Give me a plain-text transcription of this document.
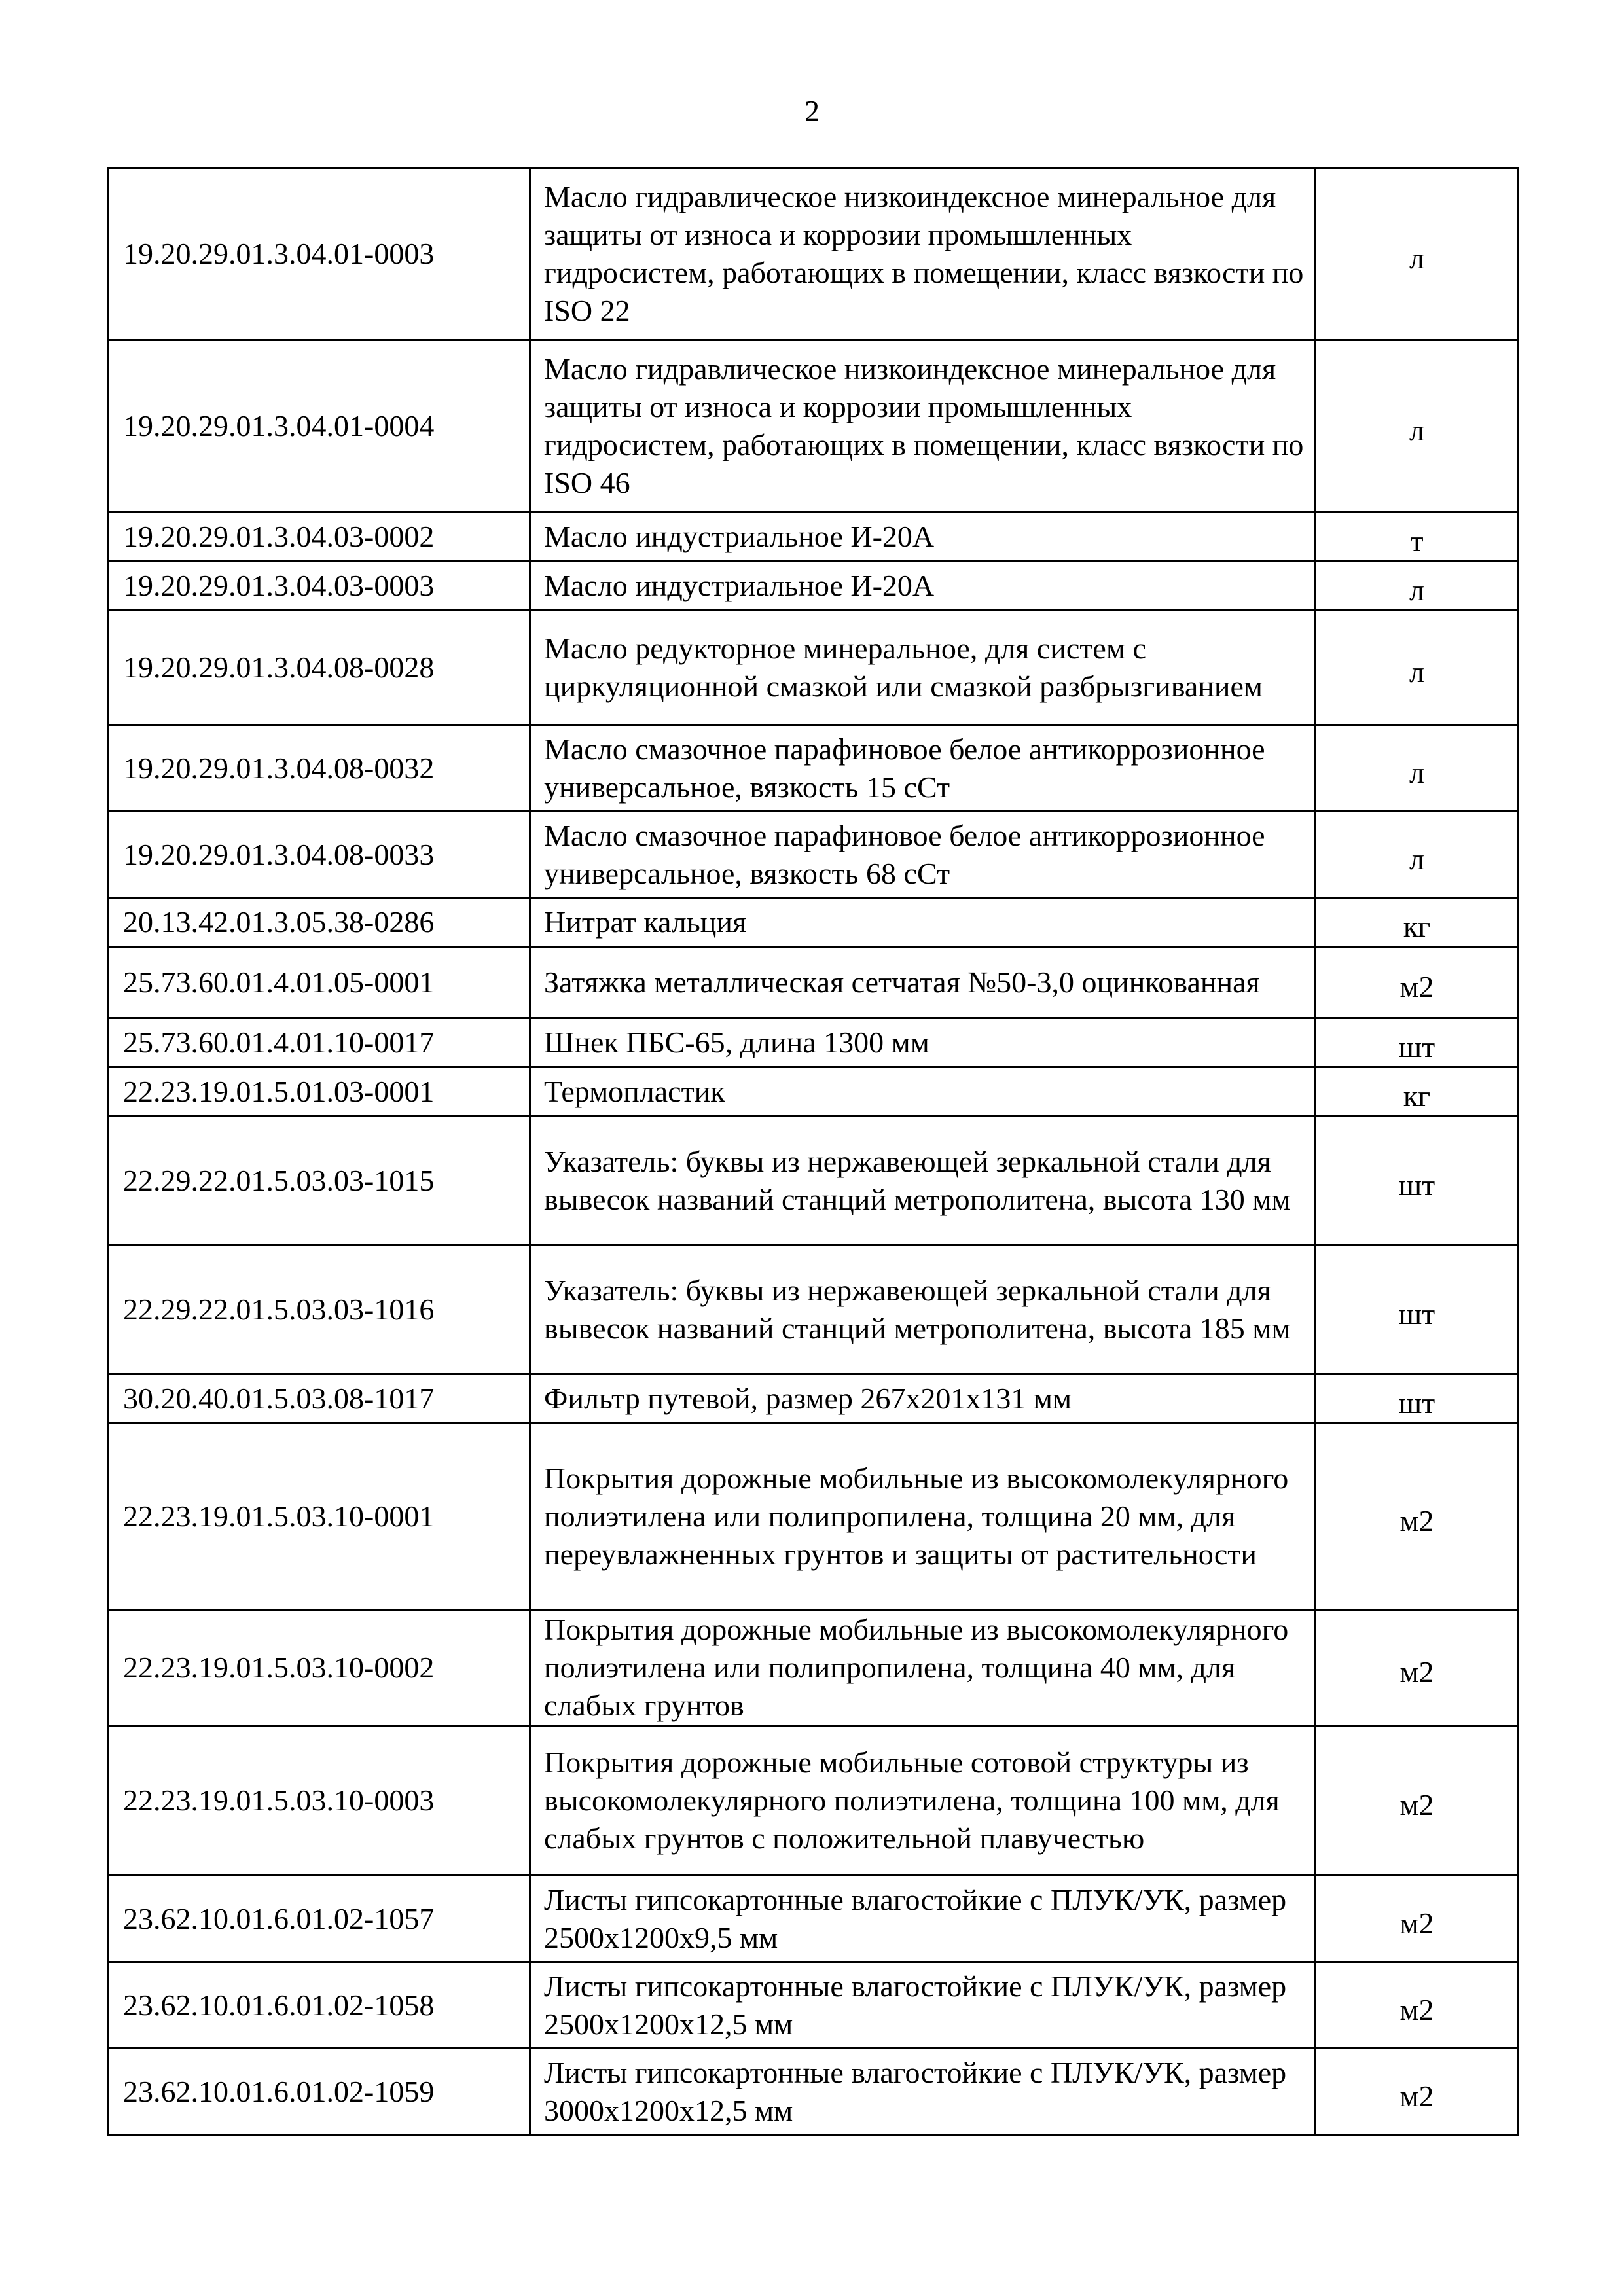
2
19.20.29.01.3.04.01-0003	Масло гидравлическое низкоиндексное минеральное для защиты от износа и коррозии промышленных гидросистем, работающих в помещении, класс вязкости по ISO 22	л
19.20.29.01.3.04.01-0004	Масло гидравлическое низкоиндексное минеральное для защиты от износа и коррозии промышленных гидросистем, работающих в помещении, класс вязкости по ISO 46	л
19.20.29.01.3.04.03-0002	Масло индустриальное И-20А	т
19.20.29.01.3.04.03-0003	Масло индустриальное И-20А	л
19.20.29.01.3.04.08-0028	Масло редукторное минеральное, для систем с циркуляционной смазкой или смазкой разбрызгиванием	л
19.20.29.01.3.04.08-0032	Масло смазочное парафиновое белое антикоррозионное универсальное, вязкость 15 сСт	л
19.20.29.01.3.04.08-0033	Масло смазочное парафиновое белое антикоррозионное универсальное, вязкость 68 сСт	л
20.13.42.01.3.05.38-0286	Нитрат кальция	кг
25.73.60.01.4.01.05-0001	Затяжка металлическая сетчатая №50-3,0 оцинкованная	м2
25.73.60.01.4.01.10-0017	Шнек ПБС-65, длина 1300 мм	шт
22.23.19.01.5.01.03-0001	Термопластик	кг
22.29.22.01.5.03.03-1015	Указатель: буквы из нержавеющей зеркальной стали для вывесок названий станций метрополитена, высота 130 мм	шт
22.29.22.01.5.03.03-1016	Указатель: буквы из нержавеющей зеркальной стали для вывесок названий станций метрополитена, высота 185 мм	шт
30.20.40.01.5.03.08-1017	Фильтр путевой, размер 267х201х131 мм	шт
22.23.19.01.5.03.10-0001	Покрытия дорожные мобильные из высокомолекулярного полиэтилена или полипропилена, толщина 20 мм, для переувлажненных грунтов и защиты от растительности	м2
22.23.19.01.5.03.10-0002	Покрытия дорожные мобильные из высокомолекулярного полиэтилена или полипропилена, толщина 40 мм, для слабых грунтов	м2
22.23.19.01.5.03.10-0003	Покрытия дорожные мобильные сотовой структуры из высокомолекулярного полиэтилена, толщина 100 мм, для слабых грунтов с положительной плавучестью	м2
23.62.10.01.6.01.02-1057	Листы гипсокартонные влагостойкие с ПЛУК/УК, размер 2500х1200х9,5 мм	м2
23.62.10.01.6.01.02-1058	Листы гипсокартонные влагостойкие с ПЛУК/УК, размер 2500х1200х12,5 мм	м2
23.62.10.01.6.01.02-1059	Листы гипсокартонные влагостойкие с ПЛУК/УК, размер 3000х1200х12,5 мм	м2
